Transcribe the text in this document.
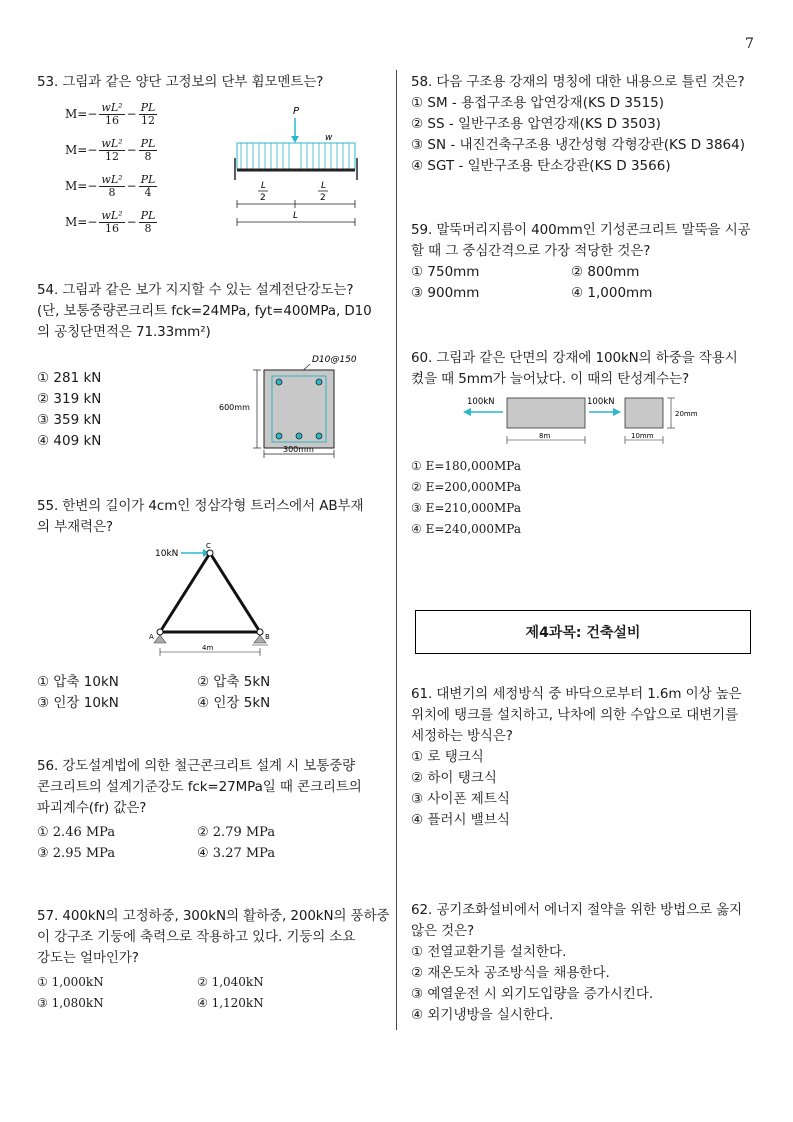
7
53. 그림과 같은 양단 고정보의 단부 휨모멘트는?
$M=- \frac{\text{wL²}}{16} - \frac{PL}{12}$
$M=- \frac{\text{wL²}}{12} - \frac{PL}{8}$
$M=- \frac{\text{wL²}}{8} - \frac{PL}{4}$
$M=- \frac{\text{wL²}}{16} - \frac{PL}{8}$
P
w
L
2
L
2
L
54. 그림과 같은 보가 지지할 수 있는 설계전단강도는?
(단, 보통중량콘크리트 fck=24MPa, fyt=400MPa, D10
의 공칭단면적은 71.33mm²)
① 281 kN
② 319 kN
③ 359 kN
④ 409 kN
D10@150
600mm
300mm
55. 한변의 길이가 4cm인 정삼각형 트러스에서 AB부재
의 부재력은?
10kN
C
A	B
4m
① 압축 10kN	② 압축 5kN
③ 인장 10kN	④ 인장 5kN
56. 강도설계법에 의한 철근콘크리트 설계 시 보통중량
콘크리트의 설계기준강도 fck=27MPa일 때 콘크리트의
파괴계수(fr) 값은?
① 2.46 MPa	② 2.79 MPa
③ 2.95 MPa	④ 3.27 MPa
57. 400kN의 고정하중, 300kN의 활하중, 200kN의 풍하중
이 강구조 기둥에 축력으로 작용하고 있다. 기둥의 소요
강도는 얼마인가?
① 1,000kN	② 1,040kN
③ 1,080kN	④ 1,120kN
58. 다음 구조용 강재의 명칭에 대한 내용으로 틀린 것은?
① SM - 용접구조용 압연강재(KS D 3515)
② SS - 일반구조용 압연강재(KS D 3503)
③ SN - 내진건축구조용 냉간성형 각형강관(KS D 3864)
④ SGT - 일반구조용 탄소강관(KS D 3566)
59. 말뚝머리지름이 400mm인 기성콘크리트 말뚝을 시공
할 때 그 중심간격으로 가장 적당한 것은?
① 750mm	② 800mm
③ 900mm	④ 1,000mm
60. 그림과 같은 단면의 강재에 100kN의 하중을 작용시
켰을 때 5mm가 늘어났다. 이 때의 탄성계수는?
100kN	100kN
8m
20mm
10mm
① E=180,000MPa
② E=200,000MPa
③ E=210,000MPa
④ E=240,000MPa
61. 대변기의 세정방식 중 바닥으로부터 1.6m 이상 높은
위치에 탱크를 설치하고, 낙차에 의한 수압으로 대변기를
세정하는 방식은?
① 로 탱크식
② 하이 탱크식
③ 사이폰 제트식
④ 플러시 밸브식
62. 공기조화설비에서 에너지 절약을 위한 방법으로 옳지
않은 것은?
① 전열교환기를 설치한다.
② 재온도차 공조방식을 채용한다.
③ 예열운전 시 외기도입량을 증가시킨다.
④ 외기냉방을 실시한다.
제4과목: 건축설비
